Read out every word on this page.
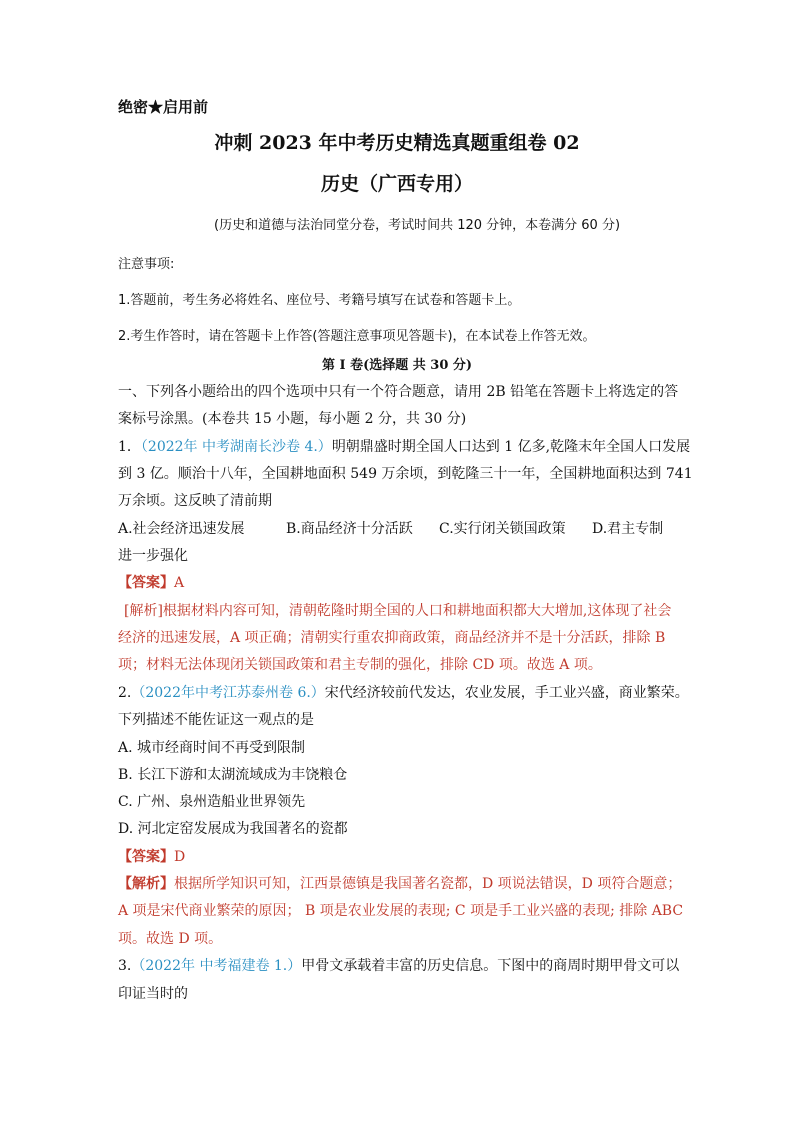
绝密★启用前
冲刺 2023 年中考历史精选真题重组卷 02
历史（广西专用）
(历史和道德与法治同堂分卷，考试时间共 120 分钟，本卷满分 60 分)
注意事项:
1.答题前，考生务必将姓名、座位号、考籍号填写在试卷和答题卡上。
2.考生作答时，请在答题卡上作答(答题注意事项见答题卡)，在本试卷上作答无效。
第 I 卷(选择题 共 30 分)
一、下列各小题给出的四个选项中只有一个符合题意，请用 2B 铅笔在答题卡上将选定的答
案标号涂黑。(本卷共 15 小题，每小题 2 分，共 30 分)
1．（2022年 中考湖南长沙卷 4.）明朝鼎盛时期全国人口达到 1 亿多,乾隆末年全国人口发展
到 3 亿。顺治十八年，全国耕地面积 549 万余顷，到乾隆三十一年，全国耕地面积达到 741
万余顷。这反映了清前期
A.社会经济迅速发展	B.商品经济十分活跃 C.实行闭关锁国政策 D.君主专制
进一步强化
【答案】A
[解析]根据材料内容可知，清朝乾隆时期全国的人口和耕地面积都大大增加,这体现了社会
经济的迅速发展，A 项正确；清朝实行重农抑商政策，商品经济并不是十分活跃，排除 B
项；材料无法体现闭关锁国政策和君主专制的强化，排除 CD 项。故选 A 项。
2.（2022年中考江苏泰州卷 6.）宋代经济较前代发达，农业发展，手工业兴盛，商业繁荣。
下列描述不能佐证这一观点的是
A. 城市经商时间不再受到限制
B. 长江下游和太湖流域成为丰饶粮仓
C. 广州、泉州造船业世界领先
D. 河北定窑发展成为我国著名的瓷都
【答案】D
【解析】根据所学知识可知，江西景德镇是我国著名瓷都，D 项说法错误，D 项符合题意；
A 项是宋代商业繁荣的原因； B 项是农业发展的表现; C 项是手工业兴盛的表现; 排除 ABC
项。故选 D 项。
3.（2022年 中考福建卷 1.）甲骨文承载着丰富的历史信息。下图中的商周时期甲骨文可以
印证当时的
